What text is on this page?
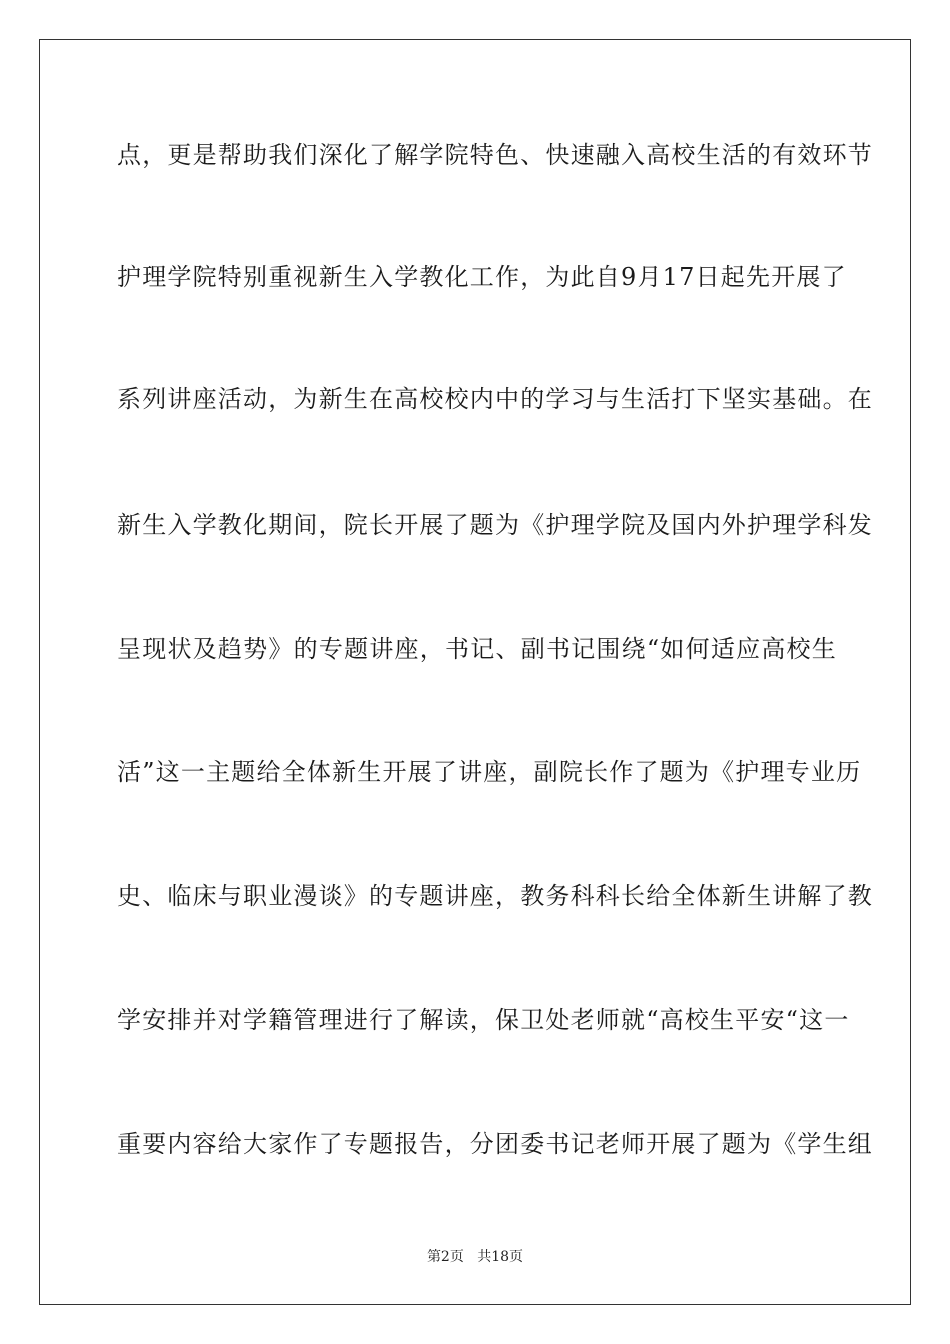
点，更是帮助我们深化了解学院特色、快速融入高校生活的有效环节
护理学院特别重视新生入学教化工作，为此自9月17日起先开展了
系列讲座活动，为新生在高校校内中的学习与生活打下坚实基础。在
新生入学教化期间，院长开展了题为《护理学院及国内外护理学科发
呈现状及趋势》的专题讲座，书记、副书记围绕“如何适应高校生
活”这一主题给全体新生开展了讲座，副院长作了题为《护理专业历
史、临床与职业漫谈》的专题讲座，教务科科长给全体新生讲解了教
学安排并对学籍管理进行了解读，保卫处老师就“高校生平安“这一
重要内容给大家作了专题报告，分团委书记老师开展了题为《学生组
第2页 共18页
